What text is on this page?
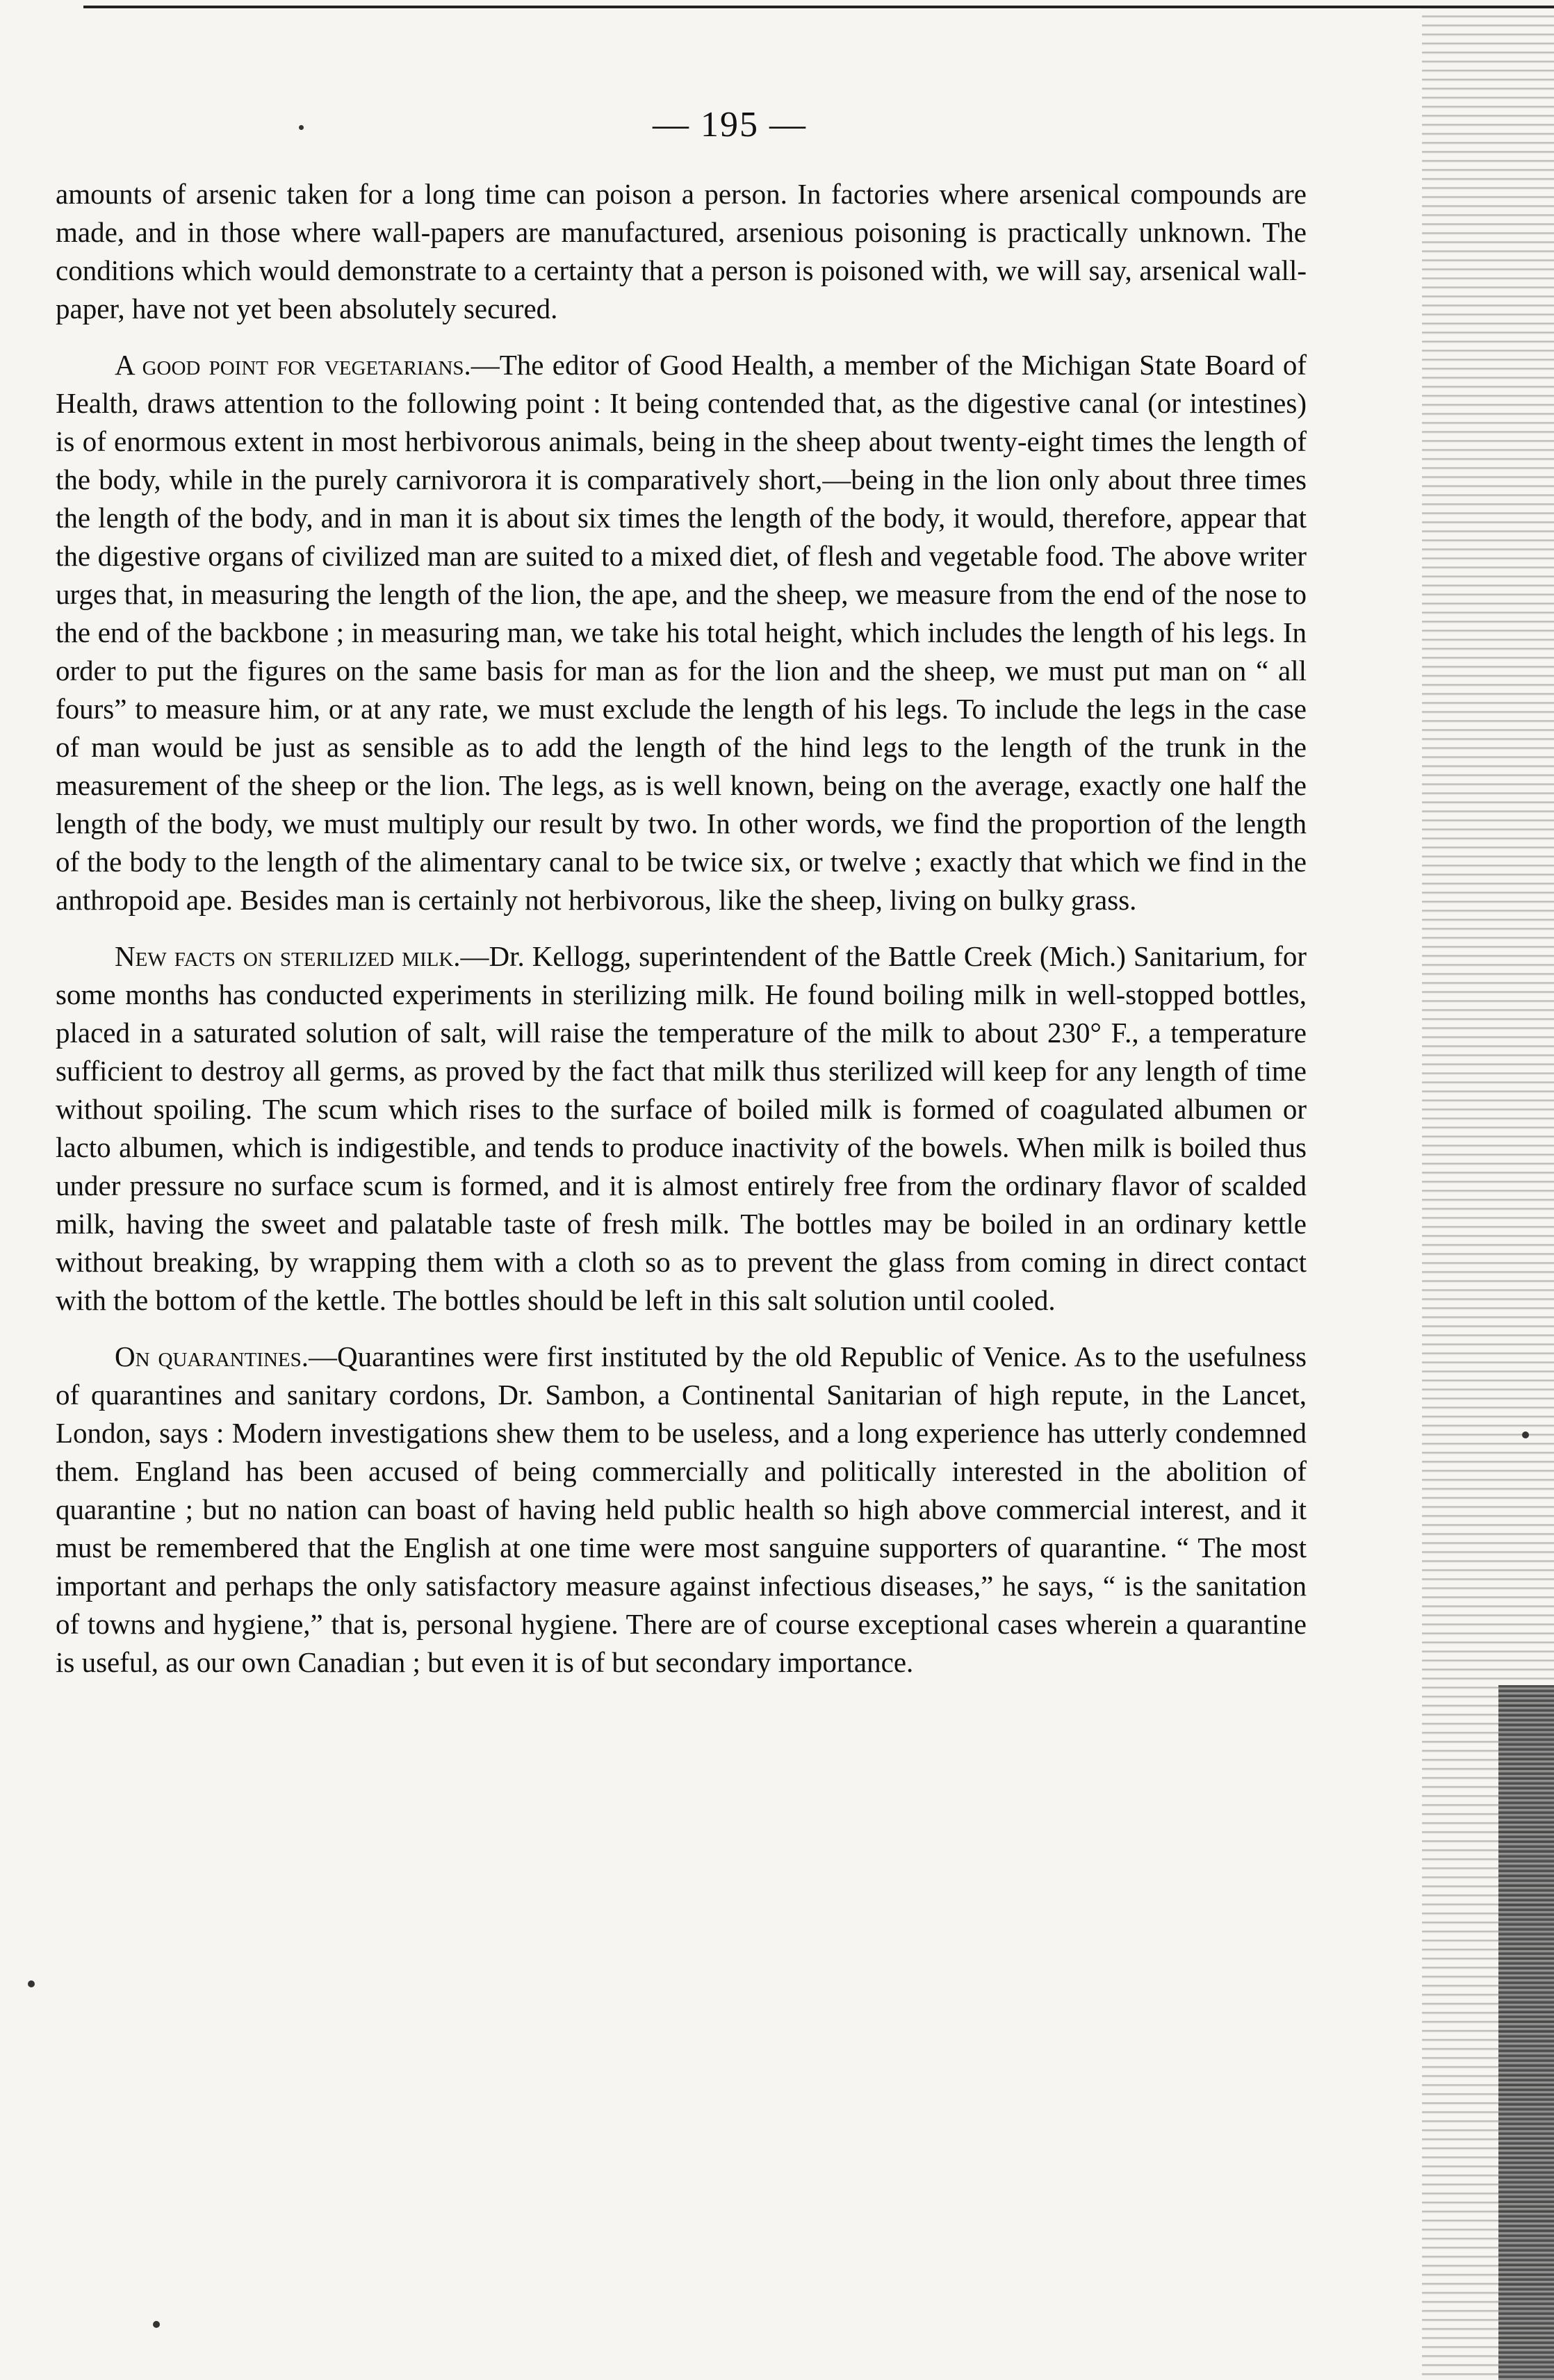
— 195 —

amounts of arsenic taken for a long time can poison a person. In factories where arsenical compounds are made, and in those where wall-papers are manufactured, arsenious poisoning is practically unknown. The conditions which would demonstrate to a certainty that a person is poisoned with, we will say, arsenical wall-paper, have not yet been absolutely secured.

A good point for vegetarians.—The editor of Good Health, a member of the Michigan State Board of Health, draws attention to the following point : It being contended that, as the digestive canal (or intestines) is of enormous extent in most herbivorous animals, being in the sheep about twenty-eight times the length of the body, while in the purely carnivorora it is comparatively short,—being in the lion only about three times the length of the body, and in man it is about six times the length of the body, it would, therefore, appear that the digestive organs of civilized man are suited to a mixed diet, of flesh and vegetable food. The above writer urges that, in measuring the length of the lion, the ape, and the sheep, we measure from the end of the nose to the end of the backbone ; in measuring man, we take his total height, which includes the length of his legs. In order to put the figures on the same basis for man as for the lion and the sheep, we must put man on “ all fours” to measure him, or at any rate, we must exclude the length of his legs. To include the legs in the case of man would be just as sensible as to add the length of the hind legs to the length of the trunk in the measurement of the sheep or the lion. The legs, as is well known, being on the average, exactly one half the length of the body, we must multiply our result by two. In other words, we find the proportion of the length of the body to the length of the alimentary canal to be twice six, or twelve ; exactly that which we find in the anthropoid ape. Besides man is certainly not herbivorous, like the sheep, living on bulky grass.

New facts on sterilized milk.—Dr. Kellogg, superintendent of the Battle Creek (Mich.) Sanitarium, for some months has conducted experiments in sterilizing milk. He found boiling milk in well-stopped bottles, placed in a saturated solution of salt, will raise the temperature of the milk to about 230° F., a temperature sufficient to destroy all germs, as proved by the fact that milk thus sterilized will keep for any length of time without spoiling. The scum which rises to the surface of boiled milk is formed of coagulated albumen or lacto albumen, which is indigestible, and tends to produce inactivity of the bowels. When milk is boiled thus under pressure no surface scum is formed, and it is almost entirely free from the ordinary flavor of scalded milk, having the sweet and palatable taste of fresh milk. The bottles may be boiled in an ordinary kettle without breaking, by wrapping them with a cloth so as to prevent the glass from coming in direct contact with the bottom of the kettle. The bottles should be left in this salt solution until cooled.

On quarantines.—Quarantines were first instituted by the old Republic of Venice. As to the usefulness of quarantines and sanitary cordons, Dr. Sambon, a Continental Sanitarian of high repute, in the Lancet, London, says : Modern investigations shew them to be useless, and a long experience has utterly condemned them. England has been accused of being commercially and politically interested in the abolition of quarantine ; but no nation can boast of having held public health so high above commercial interest, and it must be remembered that the English at one time were most sanguine supporters of quarantine. “ The most important and perhaps the only satisfactory measure against infectious diseases,” he says, “ is the sanitation of towns and hygiene,” that is, personal hygiene. There are of course exceptional cases wherein a quarantine is useful, as our own Canadian ; but even it is of but secondary importance.
